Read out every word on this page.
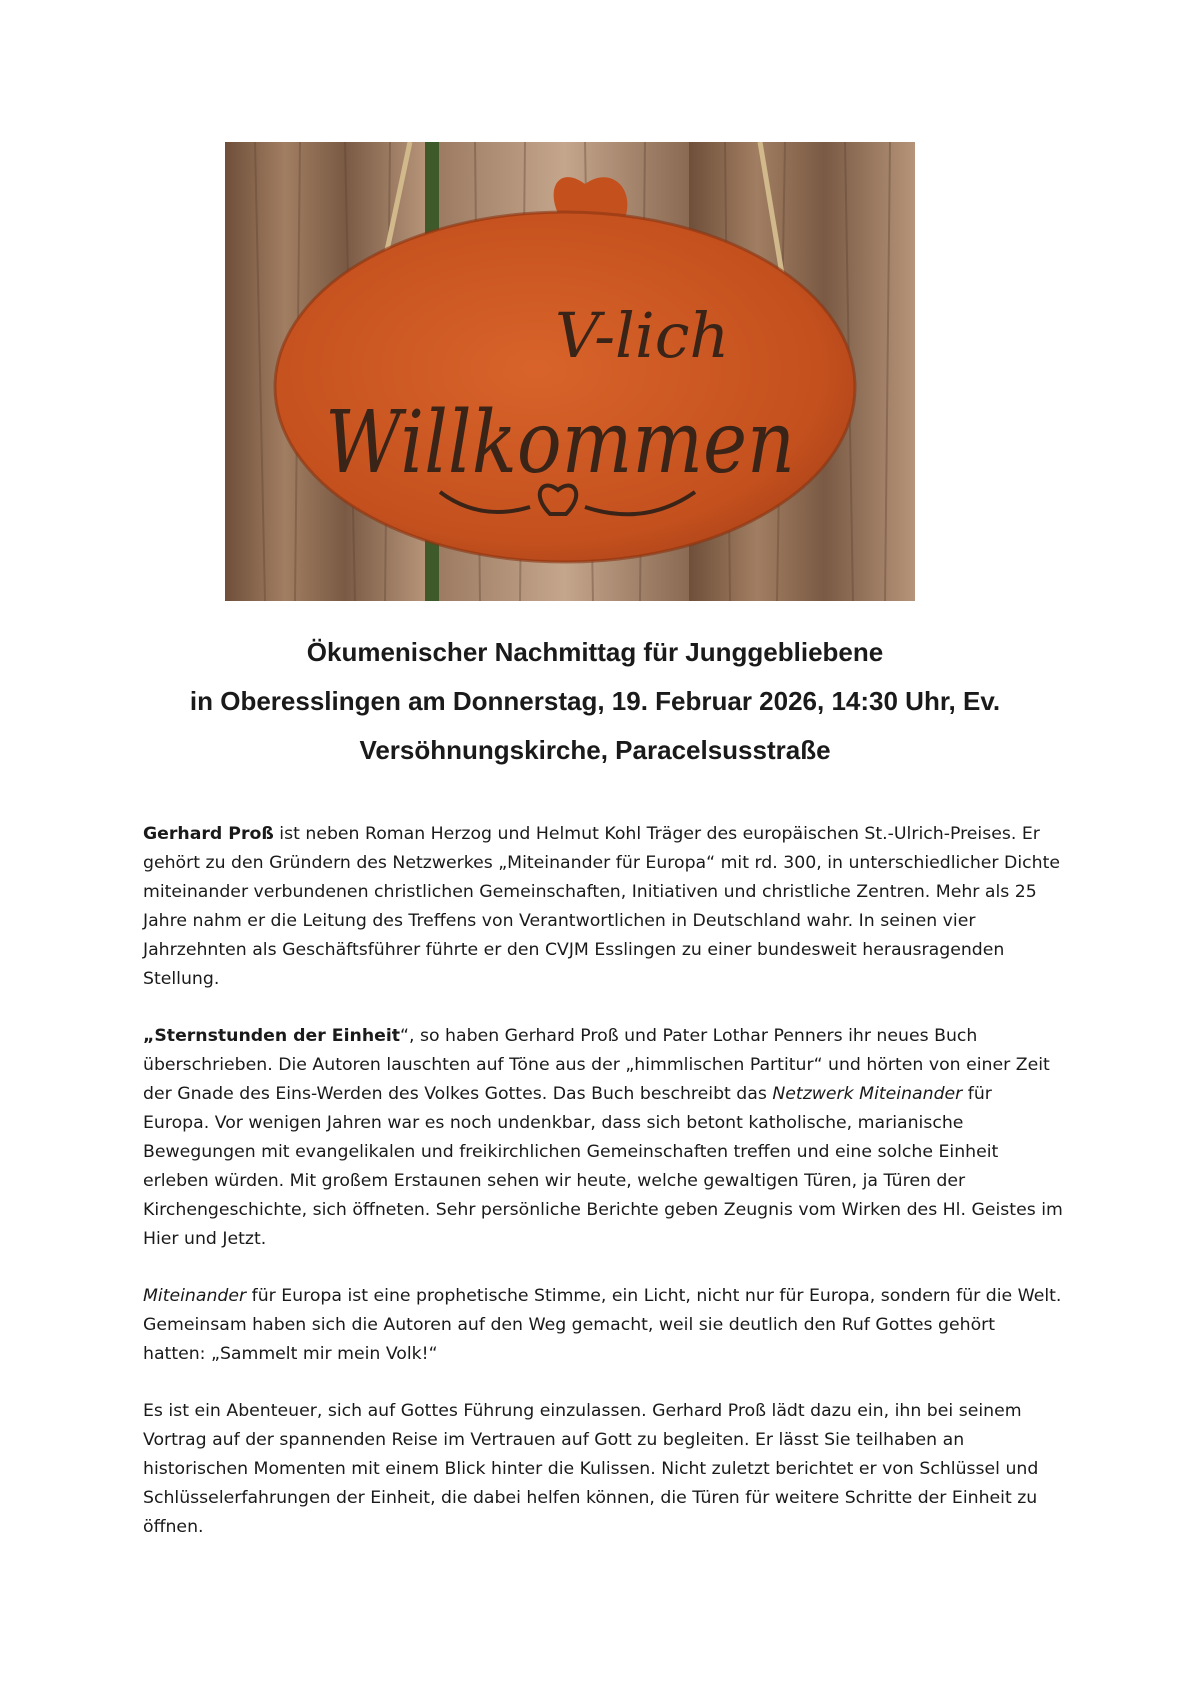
V-lich
Willkommen
Ökumenischer Nachmittag für Junggebliebene
in Oberesslingen am Donnerstag, 19. Februar 2026, 14:30 Uhr, Ev.
Versöhnungskirche, Paracelsusstraße

Gerhard Proß ist neben Roman Herzog und Helmut Kohl Träger des europäischen St.-Ulrich-Preises. Er gehört zu den Gründern des Netzwerkes „Miteinander für Europa“ mit rd. 300, in unterschiedlicher Dichte miteinander verbundenen christlichen Gemeinschaften, Initiativen und christliche Zentren. Mehr als 25 Jahre nahm er die Leitung des Treffens von Verantwortlichen in Deutschland wahr. In seinen vier Jahrzehnten als Geschäftsführer führte er den CVJM Esslingen zu einer bundesweit herausragenden Stellung.

„Sternstunden der Einheit“, so haben Gerhard Proß und Pater Lothar Penners ihr neues Buch überschrieben. Die Autoren lauschten auf Töne aus der „himmlischen Partitur“ und hörten von einer Zeit der Gnade des Eins-Werden des Volkes Gottes. Das Buch beschreibt das Netzwerk Miteinander für Europa. Vor wenigen Jahren war es noch undenkbar, dass sich betont katholische, marianische Bewegungen mit evangelikalen und freikirchlichen Gemeinschaften treffen und eine solche Einheit erleben würden. Mit großem Erstaunen sehen wir heute, welche gewaltigen Türen, ja Türen der Kirchengeschichte, sich öffneten. Sehr persönliche Berichte geben Zeugnis vom Wirken des Hl. Geistes im Hier und Jetzt.

Miteinander für Europa ist eine prophetische Stimme, ein Licht, nicht nur für Europa, sondern für die Welt. Gemeinsam haben sich die Autoren auf den Weg gemacht, weil sie deutlich den Ruf Gottes gehört hatten: „Sammelt mir mein Volk!“

Es ist ein Abenteuer, sich auf Gottes Führung einzulassen. Gerhard Proß lädt dazu ein, ihn bei seinem Vortrag auf der spannenden Reise im Vertrauen auf Gott zu begleiten. Er lässt Sie teilhaben an historischen Momenten mit einem Blick hinter die Kulissen. Nicht zuletzt berichtet er von Schlüssel und Schlüsselerfahrungen der Einheit, die dabei helfen können, die Türen für weitere Schritte der Einheit zu öffnen.
